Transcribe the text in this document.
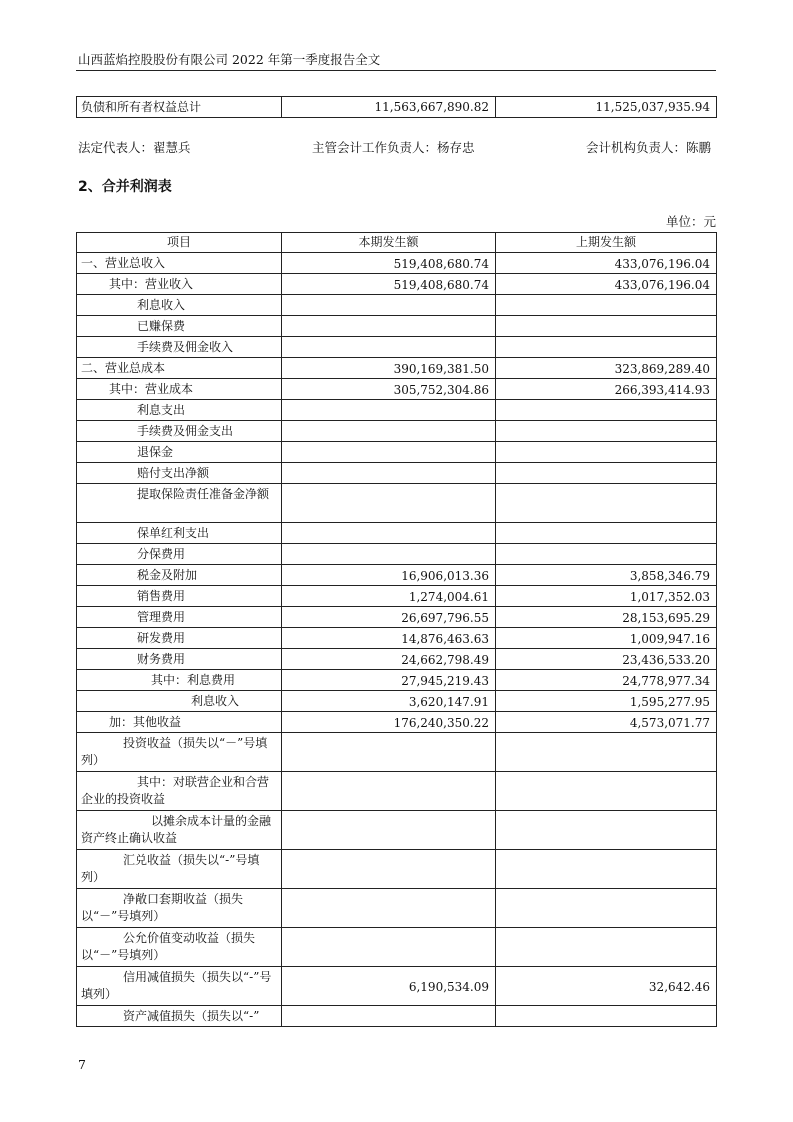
山西蓝焰控股股份有限公司 2022 年第一季度报告全文
负债和所有者权益总计	11,563,667,890.82	11,525,037,935.94
法定代表人：翟慧兵	主管会计工作负责人：杨存忠	会计机构负责人：陈鹏
2、合并利润表
单位：元
项目	本期发生额	上期发生额
一、营业总收入	519,408,680.74	433,076,196.04
其中：营业收入	519,408,680.74	433,076,196.04
利息收入		
已赚保费		
手续费及佣金收入		
二、营业总成本	390,169,381.50	323,869,289.40
其中：营业成本	305,752,304.86	266,393,414.93
利息支出		
手续费及佣金支出		
退保金		
赔付支出净额		
提取保险责任准备金净额		
保单红利支出		
分保费用		
税金及附加	16,906,013.36	3,858,346.79
销售费用	1,274,004.61	1,017,352.03
管理费用	26,697,796.55	28,153,695.29
研发费用	14,876,463.63	1,009,947.16
财务费用	24,662,798.49	23,436,533.20
其中：利息费用	27,945,219.43	24,778,977.34
利息收入	3,620,147.91	1,595,277.95
加：其他收益	176,240,350.22	4,573,071.77
投资收益（损失以“－”号填列）		
其中：对联营企业和合营企业的投资收益		
以摊余成本计量的金融资产终止确认收益		
汇兑收益（损失以“-”号填列）		
净敞口套期收益（损失以“－”号填列）		
公允价值变动收益（损失以“－”号填列）		
信用减值损失（损失以“-”号填列）	6,190,534.09	32,642.46
资产减值损失（损失以“-”		
7
